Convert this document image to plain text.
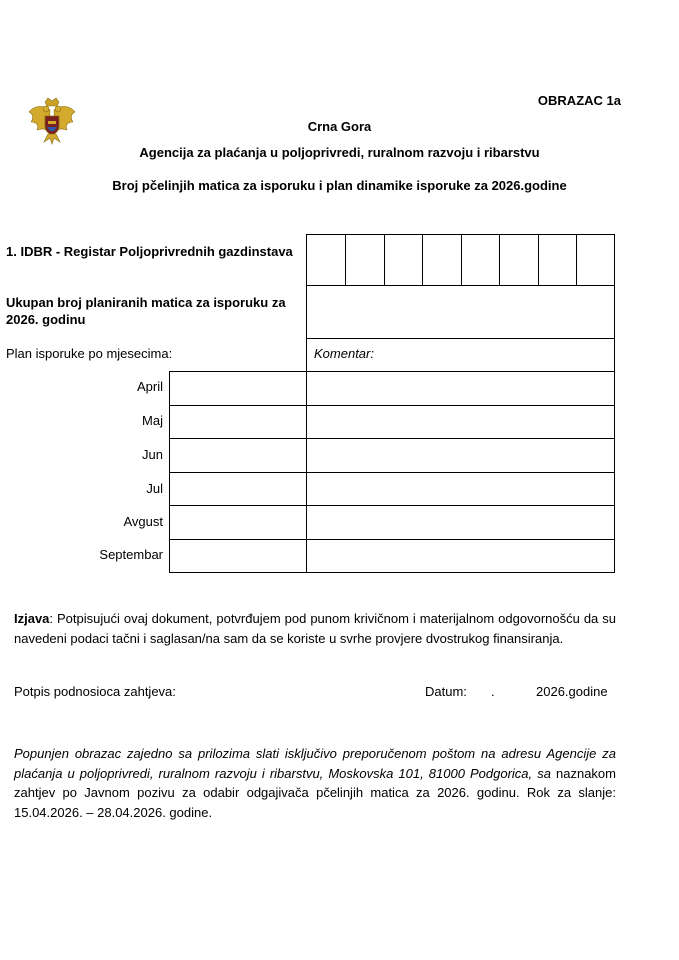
OBRAZAC 1a
Crna Gora
Agencija za plaćanja u poljoprivredi, ruralnom razvoju i ribarstvu
Broj pčelinjih matica za isporuku i plan dinamike isporuke za 2026.godine
1. IDBR - Registar Poljoprivrednih gazdinstava
Ukupan broj planiranih matica za isporuku za 2026. godinu
Plan isporuke po mjesecima:	Komentar:
April
Maj
Jun
Jul
Avgust
Septembar
Izjava: Potpisujući ovaj dokument, potvrđujem pod punom krivičnom i materijalnom odgovornošću da su navedeni podaci tačni i saglasan/na sam da se koriste u svrhe provjere dvostrukog finansiranja.
Potpis podnosioca zahtjeva:	Datum: .	2026.godine
Popunjen obrazac zajedno sa prilozima slati isključivo preporučenom poštom na adresu Agencije za plaćanja u poljoprivredi, ruralnom razvoju i ribarstvu, Moskovska 101, 81000 Podgorica, sa naznakom zahtjev po Javnom pozivu za odabir odgajivača pčelinjih matica za 2026. godinu. Rok za slanje: 15.04.2026. – 28.04.2026. godine.
